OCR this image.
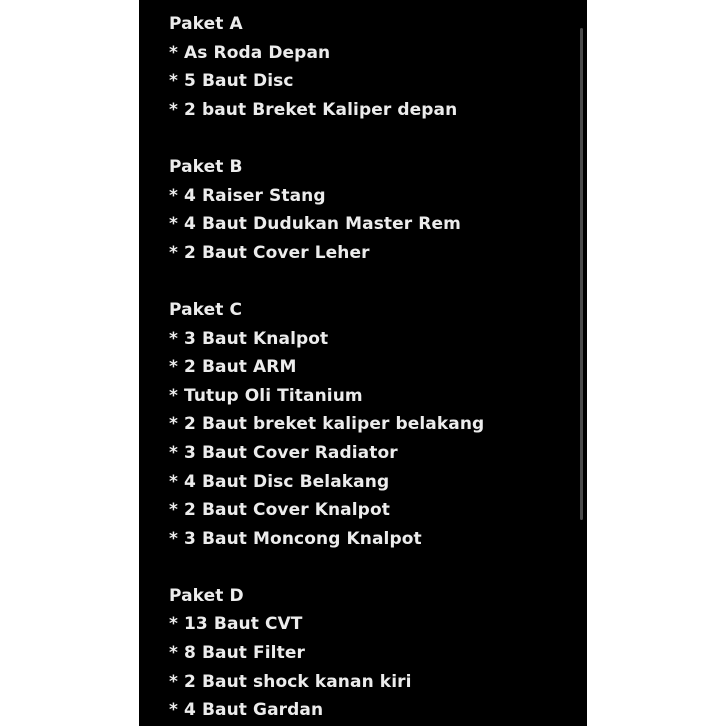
Paket A
* As Roda Depan
* 5 Baut Disc
* 2 baut Breket Kaliper depan
Paket B
* 4 Raiser Stang
* 4 Baut Dudukan Master Rem
* 2 Baut Cover Leher
Paket C
* 3 Baut Knalpot
* 2 Baut ARM
* Tutup Oli Titanium
* 2 Baut breket kaliper belakang
* 3 Baut Cover Radiator
* 4 Baut Disc Belakang
* 2 Baut Cover Knalpot
* 3 Baut Moncong Knalpot
Paket D
* 13 Baut CVT
* 8 Baut Filter
* 2 Baut shock kanan kiri
* 4 Baut Gardan
